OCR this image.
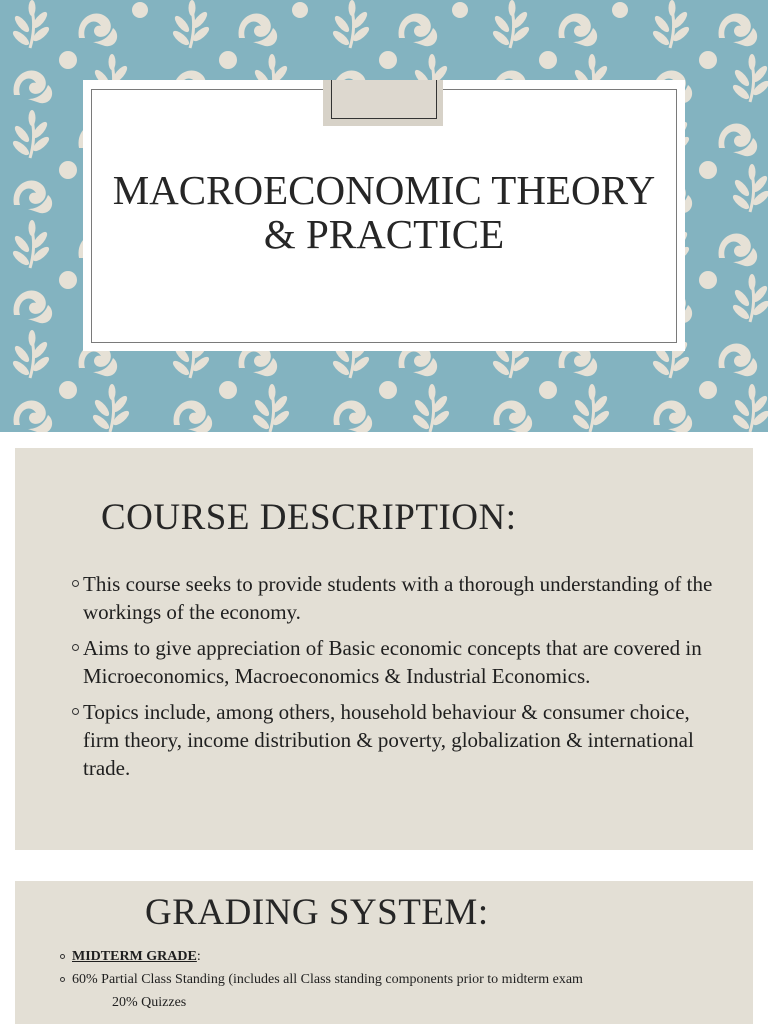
MACROECONOMIC THEORY
& PRACTICE
COURSE DESCRIPTION:
This course seeks to provide students with a thorough understanding of the workings of the economy.
Aims to give appreciation of Basic economic concepts that are covered in Microeconomics, Macroeconomics & Industrial Economics.
Topics include, among others, household behaviour & consumer choice, firm theory, income distribution & poverty, globalization & international trade.
GRADING SYSTEM:
MIDTERM GRADE:
60% Partial Class Standing (includes all Class standing components prior to midterm exam
20% Quizzes
